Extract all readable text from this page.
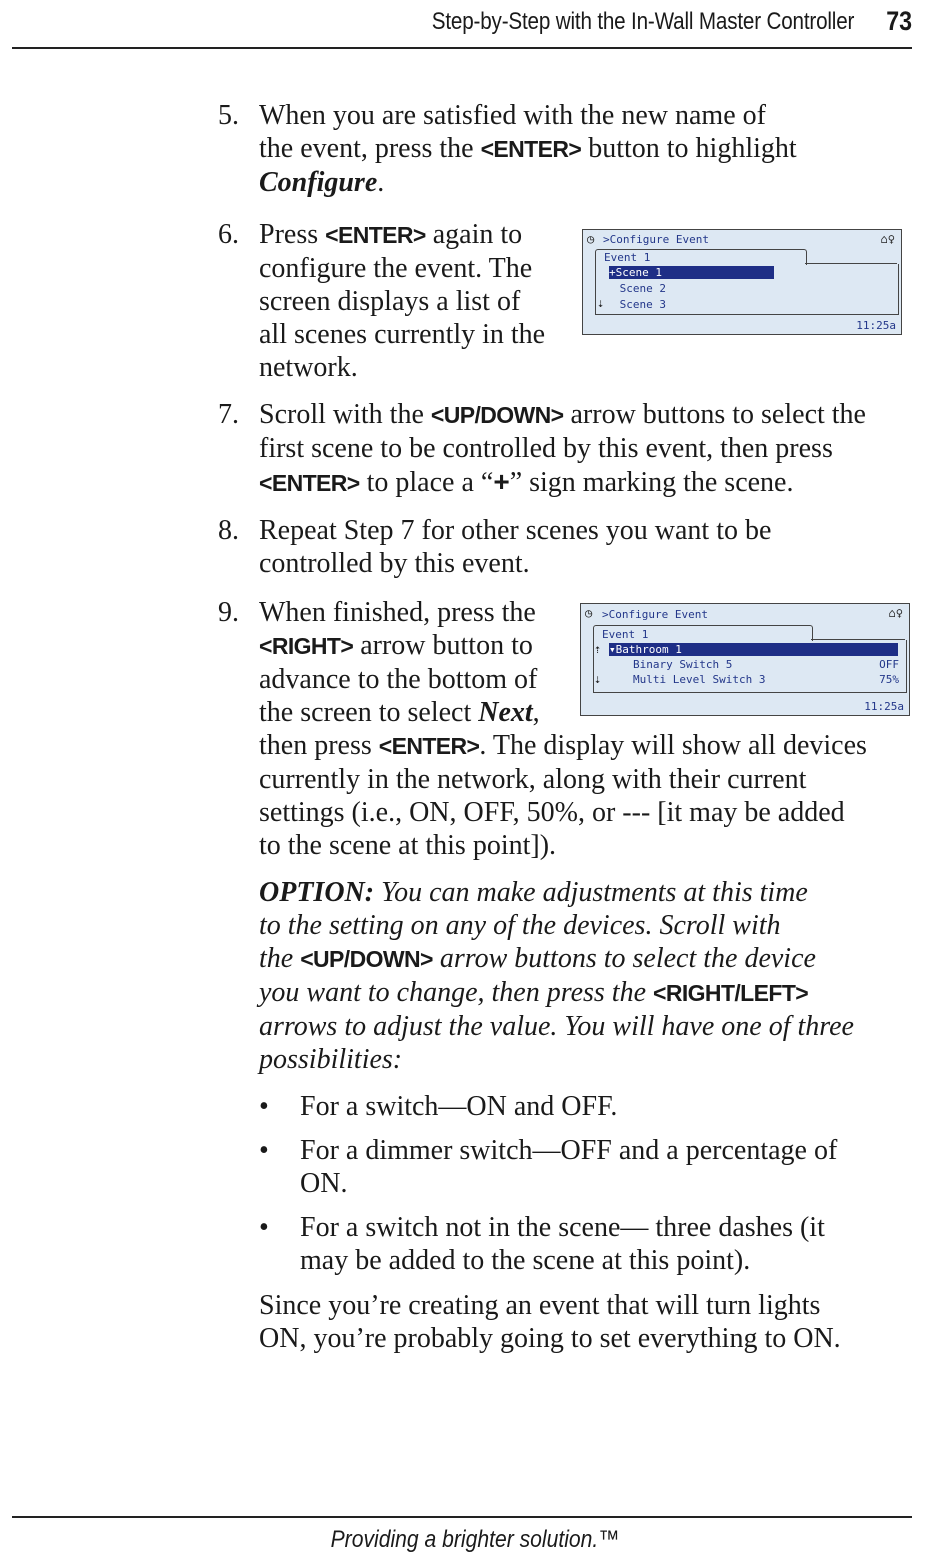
Step-by-Step with the In-Wall Master Controller 73
5. When you are satisfied with the new name of
the event, press the <ENTER> button to highlight
Configure.
6. Press <ENTER> again to
configure the event. The
screen displays a list of
all scenes currently in the
network.
◷ >Configure Event	⌂♀
Event 1
+Scene 1
Scene 2
Scene 3
⇣
11:25a
7. Scroll with the <UP/DOWN> arrow buttons to select the
first scene to be controlled by this event, then press
<ENTER> to place a “+” sign marking the scene.
8. Repeat Step 7 for other scenes you want to be
controlled by this event.
9. When finished, press the
<RIGHT> arrow button to
advance to the bottom of
the screen to select Next,
then press <ENTER>. The display will show all devices
currently in the network, along with their current
settings (i.e., ON, OFF, 50%, or --- [it may be added
to the scene at this point]).
◷ >Configure Event	⌂♀
Event 1
⇡ ▾Bathroom 1
Binary Switch 5	OFF
⇣	Multi Level Switch 3	75%
11:25a
OPTION: You can make adjustments at this time
to the setting on any of the devices. Scroll with
the <UP/DOWN> arrow buttons to select the device
you want to change, then press the <RIGHT/LEFT>
arrows to adjust the value. You will have one of three
possibilities:
• For a switch—ON and OFF.
• For a dimmer switch—OFF and a percentage of
ON.
• For a switch not in the scene— three dashes (it
may be added to the scene at this point).
Since you’re creating an event that will turn lights
ON, you’re probably going to set everything to ON.
Providing a brighter solution.™
